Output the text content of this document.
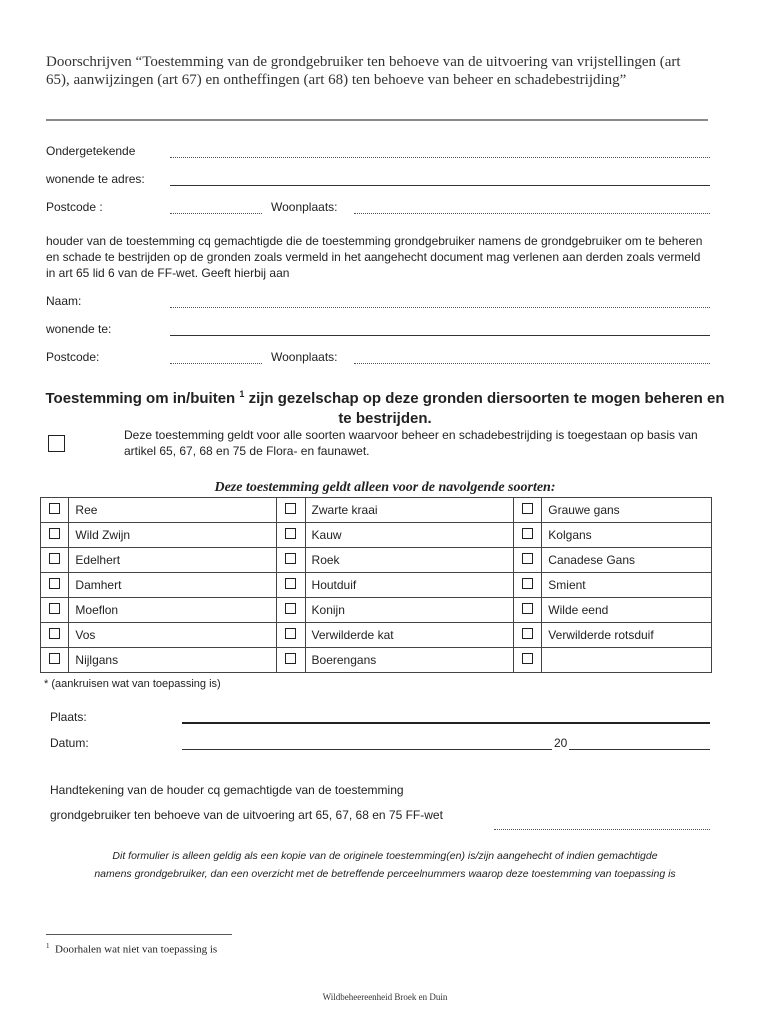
Doorschrijven “Toestemming van de grondgebruiker ten behoeve van de uitvoering van vrijstellingen (art 65), aanwijzingen (art 67) en ontheffingen (art 68) ten behoeve van beheer en schadebestrijding”
Ondergetekende
wonende te adres:
Postcode :	Woonplaats:
houder van de toestemming cq gemachtigde die de toestemming grondgebruiker namens de grondgebruiker om te beheren en schade te bestrijden op de gronden zoals vermeld in het aangehecht document mag verlenen aan derden zoals vermeld in art 65 lid 6 van de FF-wet. Geeft hierbij aan
Naam:
wonende te:
Postcode:	Woonplaats:
Toestemming om in/buiten $^1$ zijn gezelschap op deze gronden diersoorten te mogen beheren en te bestrijden.
Deze toestemming geldt voor alle soorten waarvoor beheer en schadebestrijding is toegestaan op basis van artikel 65, 67, 68 en 75 de Flora- en faunawet.
Deze toestemming geldt alleen voor de navolgende soorten:
	Ree		Zwarte kraai		Grauwe gans
	Wild Zwijn		Kauw		Kolgans
	Edelhert		Roek		Canadese Gans
	Damhert		Houtduif		Smient
	Moeflon		Konijn		Wilde eend
	Vos		Verwilderde kat		Verwilderde rotsduif
	Nijlgans		Boerengans		
* (aankruisen wat van toepassing is)
Plaats:
Datum:	20
Handtekening van de houder cq gemachtigde van de toestemming
grondgebruiker ten behoeve van de uitvoering art 65, 67, 68 en 75 FF-wet
Dit formulier is alleen geldig als een kopie van de originele toestemming(en) is/zijn aangehecht of indien gemachtigde
namens grondgebruiker, dan een overzicht met de betreffende perceelnummers waarop deze toestemming van toepassing is
$^1$ Doorhalen wat niet van toepassing is
Wildbeheereenheid Broek en Duin
